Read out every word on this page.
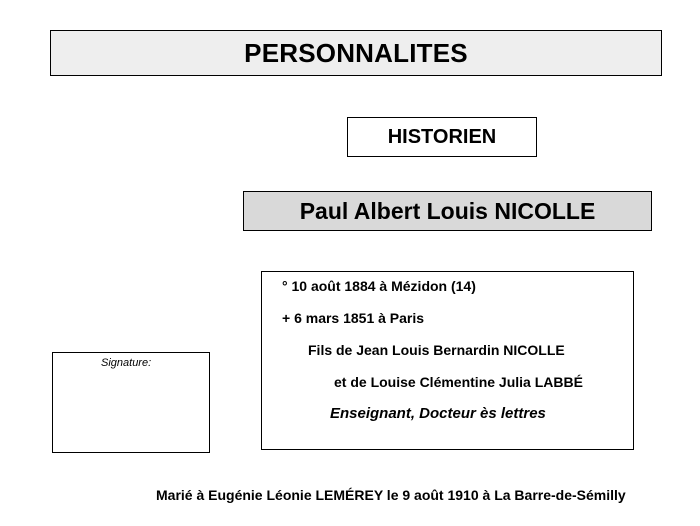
PERSONNALITES
HISTORIEN
Paul Albert Louis NICOLLE
° 10 août 1884 à Mézidon (14)
+ 6 mars 1851 à Paris
Fils de Jean Louis Bernardin NICOLLE
et de Louise Clémentine Julia LABBÉ
Enseignant, Docteur ès lettres
Signature:
Marié à Eugénie Léonie LEMÉREY le 9 août 1910 à La Barre-de-Sémilly
